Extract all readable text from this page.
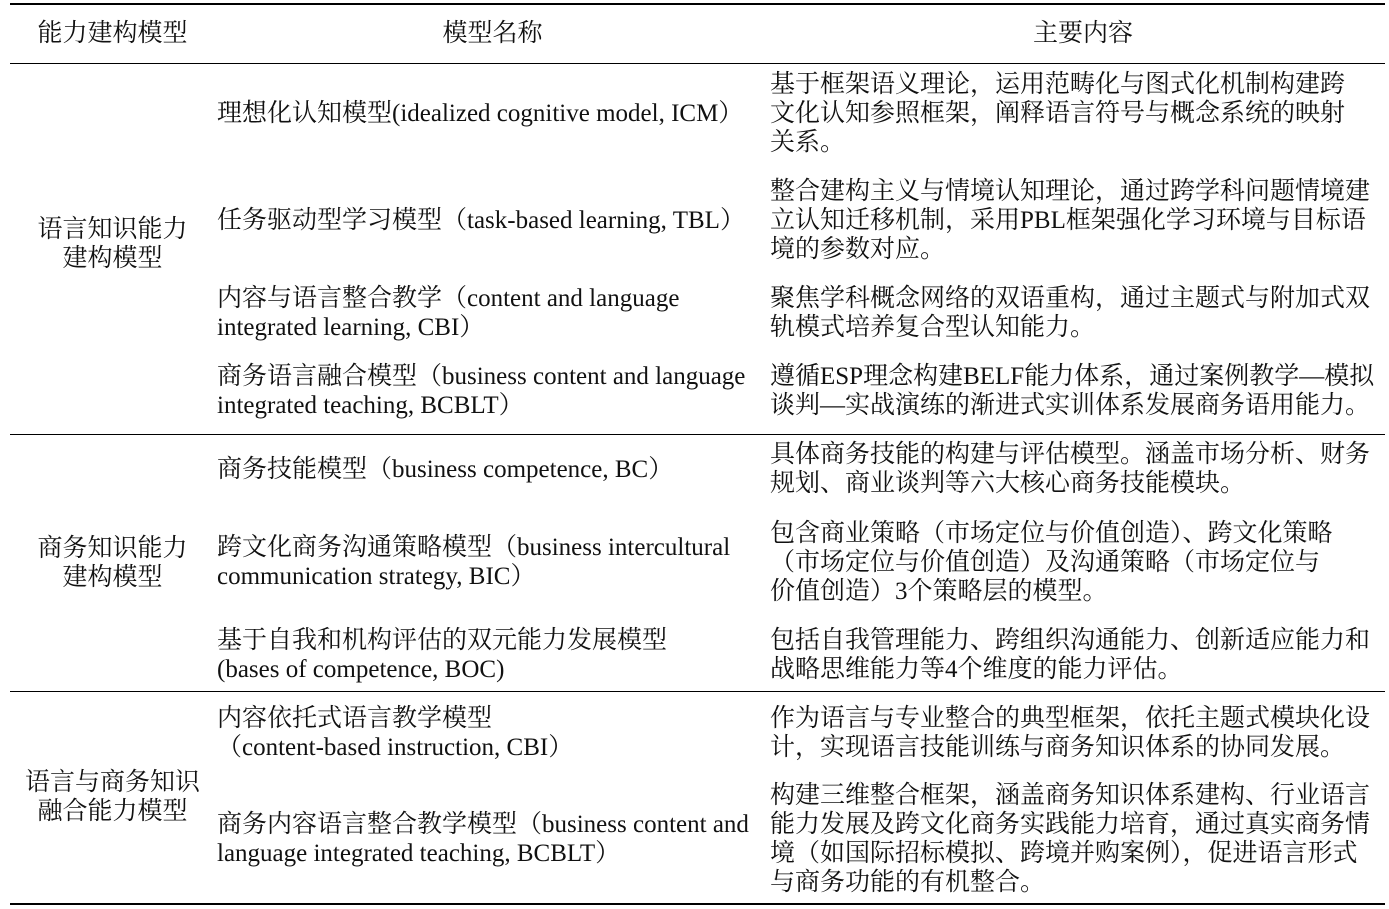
能力建构模型	模型名称	主要内容

语言知识能力
建构模型	理想化认知模型(idealized cognitive model, ICM）	基于框架语义理论，运用范畴化与图式化机制构建跨
文化认知参照框架，阐释语言符号与概念系统的映射
关系。

	任务驱动型学习模型（task-based learning, TBL）	整合建构主义与情境认知理论，通过跨学科问题情境建
立认知迁移机制，采用PBL框架强化学习环境与目标语
境的参数对应。

	内容与语言整合教学（content and language
integrated learning, CBI）	聚焦学科概念网络的双语重构，通过主题式与附加式双
轨模式培养复合型认知能力。

	商务语言融合模型（business content and language
integrated teaching, BCBLT）	遵循ESP理念构建BELF能力体系，通过案例教学—模拟
谈判—实战演练的渐进式实训体系发展商务语用能力。

商务知识能力
建构模型	商务技能模型（business competence, BC）	具体商务技能的构建与评估模型。涵盖市场分析、财务
规划、商业谈判等六大核心商务技能模块。

	跨文化商务沟通策略模型（business intercultural
communication strategy, BIC）	包含商业策略（市场定位与价值创造）、跨文化策略
（市场定位与价值创造）及沟通策略（市场定位与
价值创造）3个策略层的模型。

	基于自我和机构评估的双元能力发展模型
(bases of competence, BOC)	包括自我管理能力、跨组织沟通能力、创新适应能力和
战略思维能力等4个维度的能力评估。

语言与商务知识
融合能力模型	内容依托式语言教学模型
（content-based instruction, CBI）	作为语言与专业整合的典型框架，依托主题式模块化设
计，实现语言技能训练与商务知识体系的协同发展。

	商务内容语言整合教学模型（business content and
language integrated teaching, BCBLT）	构建三维整合框架，涵盖商务知识体系建构、行业语言
能力发展及跨文化商务实践能力培育，通过真实商务情
境（如国际招标模拟、跨境并购案例），促进语言形式
与商务功能的有机整合。
